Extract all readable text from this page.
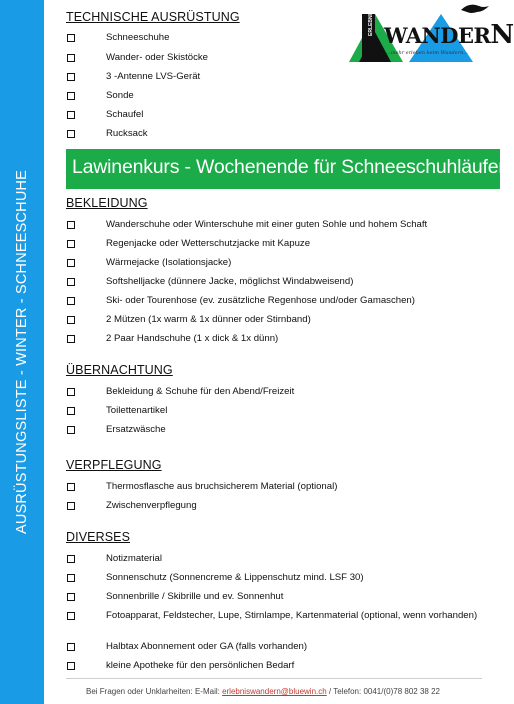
AUSRÜSTUNGSLISTE - WINTER - SCHNEESCHUHE
WANDERN
...mehr erleben beim Wandern...
ERLEBNIS
TECHNISCHE AUSRÜSTUNG
Schneeschuhe
Wander- oder Skistöcke
3 -Antenne LVS-Gerät
Sonde
Schaufel
Rucksack
Lawinenkurs - Wochenende für Schneeschuhläufer
BEKLEIDUNG
Wanderschuhe oder Winterschuhe mit einer guten Sohle und hohem Schaft
Regenjacke oder Wetterschutzjacke mit Kapuze
Wärmejacke (Isolationsjacke)
Softshelljacke (dünnere Jacke, möglichst Windabweisend)
Ski- oder Tourenhose (ev. zusätzliche Regenhose und/oder Gamaschen)
2 Mützen (1x warm & 1x dünner oder Stirnband)
2 Paar Handschuhe (1 x dick & 1x dünn)
ÜBERNACHTUNG
Bekleidung & Schuhe für den Abend/Freizeit
Toilettenartikel
Ersatzwäsche
VERPFLEGUNG
Thermosflasche aus bruchsicherem Material (optional)
Zwischenverpflegung
DIVERSES
Notizmaterial
Sonnenschutz (Sonnencreme & Lippenschutz mind. LSF 30)
Sonnenbrille / Skibrille und ev. Sonnenhut
Fotoapparat, Feldstecher, Lupe, Stirnlampe, Kartenmaterial (optional, wenn vorhanden)
Halbtax Abonnement oder GA (falls vorhanden)
kleine Apotheke für den persönlichen Bedarf
Bei Fragen oder Unklarheiten: E-Mail: erlebniswandern@bluewin.ch / Telefon: 0041/(0)78 802 38 22
